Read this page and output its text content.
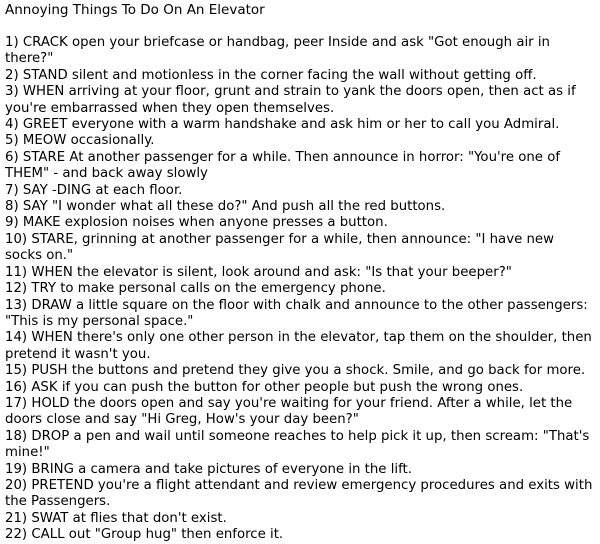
Annoying Things To Do On An Elevator
1) CRACK open your briefcase or handbag, peer Inside and ask "Got enough air in there?"
2) STAND silent and motionless in the corner facing the wall without getting off.
3) WHEN arriving at your floor, grunt and strain to yank the doors open, then act as if you're embarrassed when they open themselves.
4) GREET everyone with a warm handshake and ask him or her to call you Admiral.
5) MEOW occasionally.
6) STARE At another passenger for a while. Then announce in horror: "You're one of THEM" - and back away slowly
7) SAY -DING at each floor.
8) SAY "I wonder what all these do?" And push all the red buttons.
9) MAKE explosion noises when anyone presses a button.
10) STARE, grinning at another passenger for a while, then announce: "I have new socks on."
11) WHEN the elevator is silent, look around and ask: "Is that your beeper?"
12) TRY to make personal calls on the emergency phone.
13) DRAW a little square on the floor with chalk and announce to the other passengers: "This is my personal space."
14) WHEN there's only one other person in the elevator, tap them on the shoulder, then pretend it wasn't you.
15) PUSH the buttons and pretend they give you a shock. Smile, and go back for more.
16) ASK if you can push the button for other people but push the wrong ones.
17) HOLD the doors open and say you're waiting for your friend. After a while, let the doors close and say "Hi Greg, How's your day been?"
18) DROP a pen and wail until someone reaches to help pick it up, then scream: "That's mine!"
19) BRING a camera and take pictures of everyone in the lift.
20) PRETEND you're a flight attendant and review emergency procedures and exits with the Passengers.
21) SWAT at flies that don't exist.
22) CALL out "Group hug" then enforce it.
